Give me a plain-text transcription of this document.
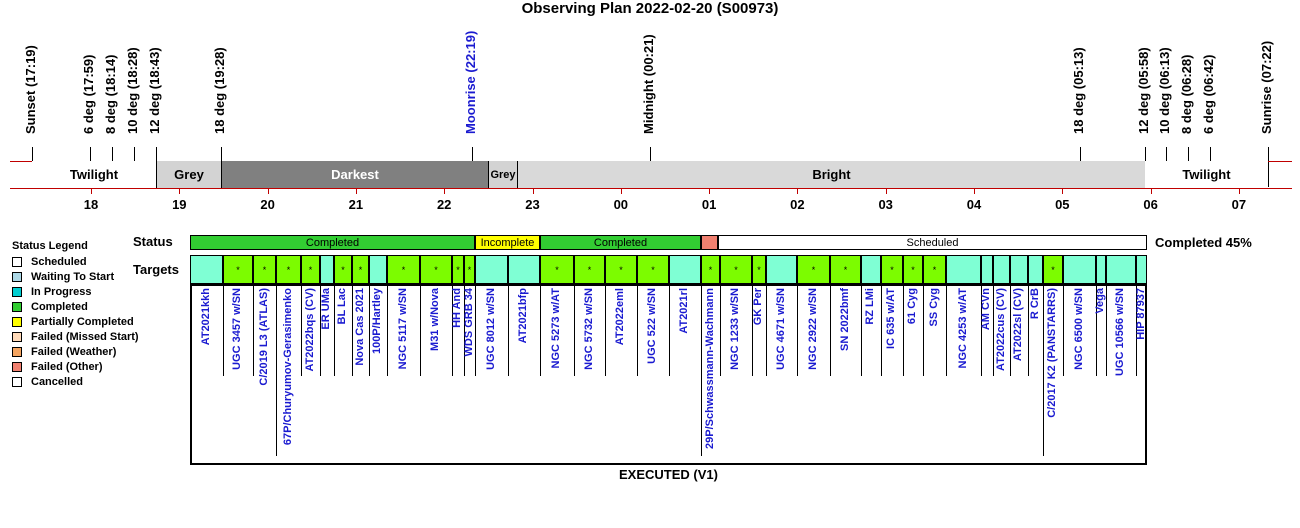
Observing Plan 2022-02-20 (S00973)
Sunset (17:19)	6 deg (17:59) 8 deg (18:14) 10 deg (18:28) 12 deg (18:43)	18 deg (19:28)	Moonrise (22:19)	Midnight (00:21)	18 deg (05:13)	12 deg (05:58) 10 deg (06:13) 8 deg (06:28) 6 deg (06:42)	Sunrise (07:22)
Twilight	Grey	Darkest	Grey	Bright	Twilight
18	19	20	21	22	23	00	01	02	03	04	05	06	07
Status Legend
Scheduled
Waiting To Start
In Progress
Completed
Partially Completed
Failed (Missed Start)
Failed (Weather)
Failed (Other)
Cancelled
Status
Targets
Completed 45%
Completed	Incomplete	Completed	Scheduled
*	*	*	*	*	*	*	*	* *	*	*	*	*	*	*	*	*	*	*	*	*	*
AT2021kkh UGC 3457 w/SN C/2019 L3 (ATLAS) 67P/Churyumov-Gerasimenko AT2022bqs (CV) ER UMa BL Lac Nova Cas 2021 100P/Hartley NGC 5117 w/SN M31 w/Nova HH And WDS GRB 34 UGC 8012 w/SN AT2021bfp NGC 5273 w/AT NGC 5732 w/SN AT2022eml UGC 522 w/SN AT2021rl 29P/Schwassmann-Wachmann NGC 1233 w/SN GK Per UGC 4671 w/SN NGC 2922 w/SN SN 2022bmf RZ LMi IC 635 w/AT 61 Cyg SS Cyg NGC 4253 w/AT AM CVn AT2022cus (CV) AT2022sl (CV) R CrB C/2017 K2 (PANSTARRS) NGC 6500 w/SN Vega UGC 10566 w/SN HIP 87937
EXECUTED (V1)
